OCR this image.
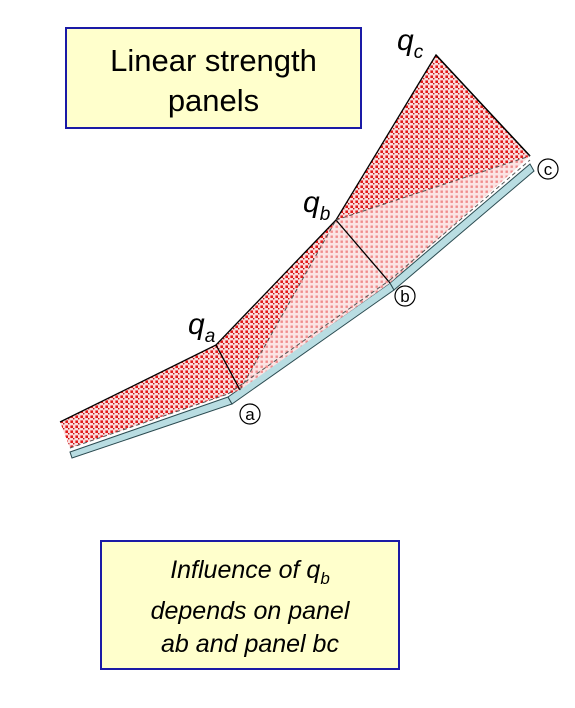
qa
qb
qc
a
b
c
Linear strength
panels
Influence of $q_b$
depends on panel
ab and panel bc
